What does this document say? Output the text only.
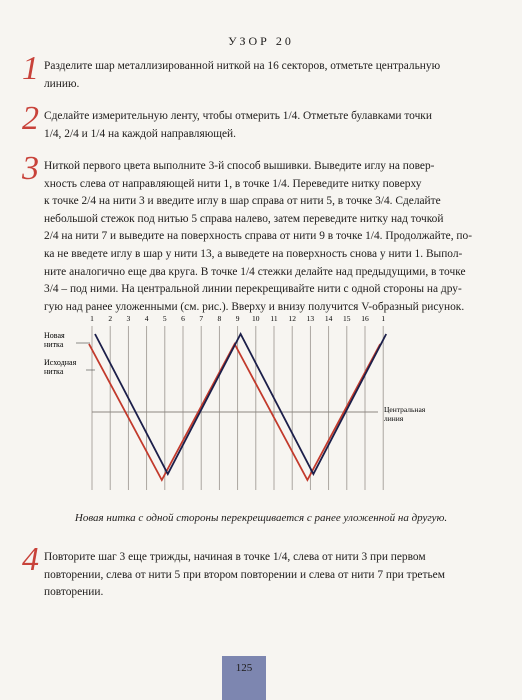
УЗОР 20
1 Разделите шар металлизированной ниткой на 16 секторов, отметьте центральную
линию.
2 Сделайте измерительную ленту, чтобы отмерить 1/4. Отметьте булавками точки
1/4, 2/4 и 1/4 на каждой направляющей.
3 Ниткой первого цвета выполните 3-й способ вышивки. Выведите иглу на повер-
хность слева от направляющей нити 1, в точке 1/4. Переведите нитку поверху
к точке 2/4 на нити 3 и введите иглу в шар справа от нити 5, в точке 3/4. Сделайте
небольшой стежок под нитью 5 справа налево, затем переведите нитку над точкой
2/4 на нити 7 и выведите на поверхность справа от нити 9 в точке 1/4. Продолжайте, по-
ка не введете иглу в шар у нити 13, а выведете на поверхность снова у нити 1. Выпол-
ните аналогично еще два круга. В точке 1/4 стежки делайте над предыдущими, в точке
3/4 – под ними. На центральной линии перекрещивайте нити с одной стороны на дру-
гую над ранее уложенными (см. рис.). Вверху и внизу получится V-образный рисунок.
1 2 3 4 5 6 7 8 9 10 11 12 13 14 15 16 1
Новая
нитка
Исходная
нитка
Центральная
линия
Новая нитка с одной стороны перекрещивается с ранее уложенной на другую.
4 Повторите шаг 3 еще трижды, начиная в точке 1/4, слева от нити 3 при первом
повторении, слева от нити 5 при втором повторении и слева от нити 7 при третьем
повторении.
125
